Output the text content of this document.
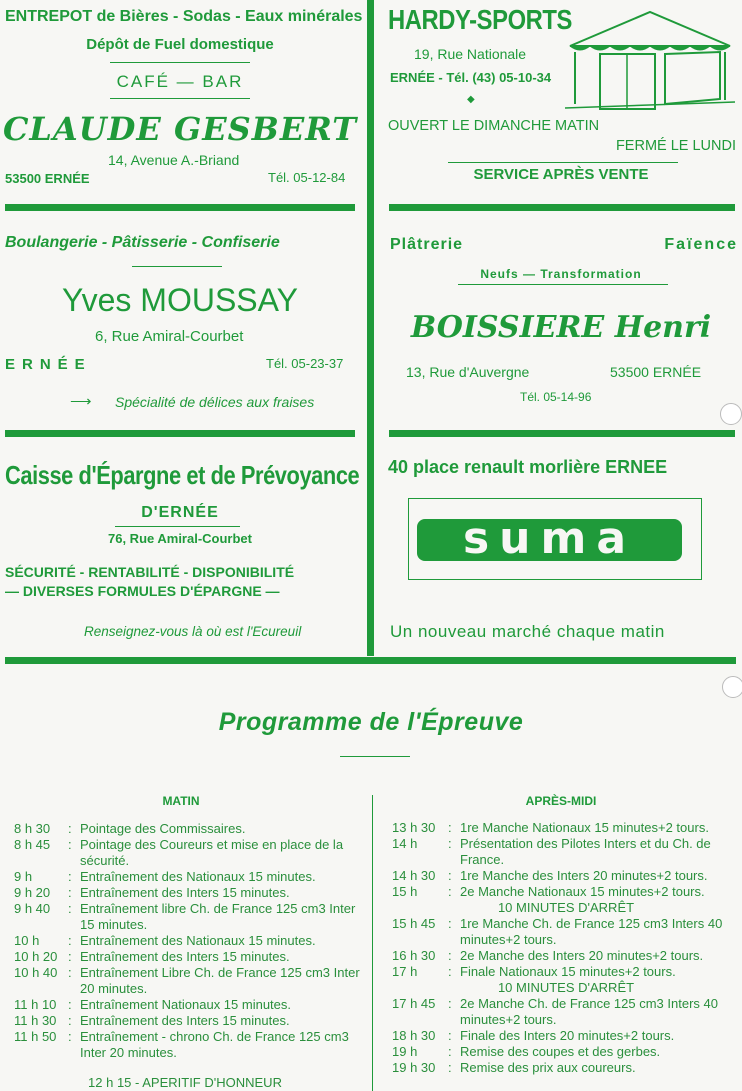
ENTREPOT de Bières - Sodas - Eaux minérales
Dépôt de Fuel domestique
CAFÉ — BAR
CLAUDE GESBERT
14, Avenue A.-Briand
53500 ERNÉE	Tél. 05-12-84
HARDY-SPORTS
19, Rue Nationale
ERNÉE - Tél. (43) 05-10-34
◆
OUVERT LE DIMANCHE MATIN
FERMÉ LE LUNDI
SERVICE APRÈS VENTE
Boulangerie - Pâtisserie - Confiserie
Yves MOUSSAY
6, Rue Amiral-Courbet
ERNÉE	Tél. 05-23-37
⟶ Spécialité de délices aux fraises
Plâtrerie	Faïence
Neufs — Transformation
BOISSIERE Henri
13, Rue d'Auvergne	53500 ERNÉE
Tél. 05-14-96
Caisse d'Épargne et de Prévoyance
D'ERNÉE
76, Rue Amiral-Courbet
SÉCURITÉ - RENTABILITÉ - DISPONIBILITÉ
— DIVERSES FORMULES D'ÉPARGNE —
Renseignez-vous là où est l'Ecureuil
40 place renault morlière ERNEE
suma
Un nouveau marché chaque matin
Programme de l'Épreuve
MATIN	APRÈS-MIDI
8 h 30	: Pointage des Commissaires.
8 h 45	: Pointage des Coureurs et mise en place de la sécurité.
9 h	: Entraînement des Nationaux 15 minutes.
9 h 20	: Entraînement des Inters 15 minutes.
9 h 40	: Entraînement libre Ch. de France 125 cm3 Inter 15 minutes.
10 h	: Entraînement des Nationaux 15 minutes.
10 h 20 : Entraînement des Inters 15 minutes.
10 h 40 : Entraînement Libre Ch. de France 125 cm3 Inter 20 minutes.
11 h 10 : Entraînement Nationaux 15 minutes.
11 h 30 : Entraînement des Inters 15 minutes.
11 h 50 : Entraînement - chrono Ch. de France 125 cm3 Inter 20 minutes.
12 h 15 - APERITIF D'HONNEUR
13 h 30 : 1re Manche Nationaux 15 minutes+2 tours.
14 h	: Présentation des Pilotes Inters et du Ch. de France.
14 h 30 : 1re Manche des Inters 20 minutes+2 tours.
15 h	: 2e Manche Nationaux 15 minutes+2 tours.
10 MINUTES D'ARRÊT
15 h 45 : 1re Manche Ch. de France 125 cm3 Inters 40 minutes+2 tours.
16 h 30 : 2e Manche des Inters 20 minutes+2 tours.
17 h	: Finale Nationaux 15 minutes+2 tours.
10 MINUTES D'ARRÊT
17 h 45 : 2e Manche Ch. de France 125 cm3 Inters 40 minutes+2 tours.
18 h 30 : Finale des Inters 20 minutes+2 tours.
19 h	: Remise des coupes et des gerbes.
19 h 30 : Remise des prix aux coureurs.
